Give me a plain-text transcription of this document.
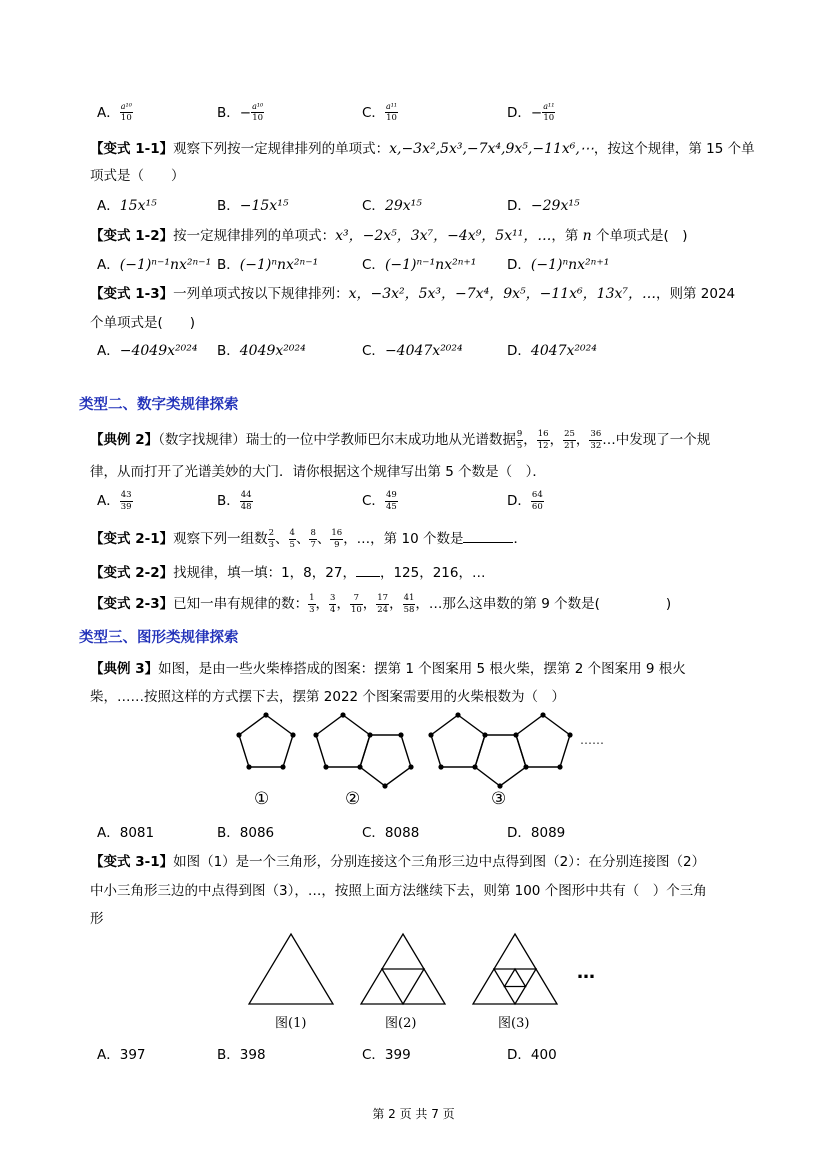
A． $\frac{\text{a¹⁰}}{10}$	B．− $\frac{\text{a¹⁰}}{10}$	C． $\frac{\text{a¹¹}}{10}$	D．− $\frac{\text{a¹¹}}{10}$
【变式 1-1】观察下列按一定规律排列的单项式：x,−3x²,5x³,−7x⁴,9x⁵,−11x⁶,⋯，按这个规律，第 15 个单
项式是（　　）
A．15x¹⁵	B．−15x¹⁵	C．29x¹⁵	D．−29x¹⁵
【变式 1-2】按一定规律排列的单项式：x³，−2x⁵，3x⁷，−4x⁹，5x¹¹，…，第 n 个单项式是(　)
A．(−1)ⁿ⁻¹nx²ⁿ⁻¹ B．(−1)ⁿnx²ⁿ⁻¹	C．(−1)ⁿ⁻¹nx²ⁿ⁺¹ D．(−1)ⁿnx²ⁿ⁺¹
【变式 1-3】一列单项式按以下规律排列：x，−3x²，5x³，−7x⁴，9x⁵，−11x⁶，13x⁷，…，则第 2024
个单项式是(　　)
A．−4049x²⁰²⁴ B．4049x²⁰²⁴	C．−4047x²⁰²⁴	D．4047x²⁰²⁴
类型二、数字类规律探索
【典例 2】（数字找规律）瑞士的一位中学教师巴尔末成功地从光谱数据 $\frac{9}{5}$ ， $\frac{16}{12}$ ， $\frac{25}{21}$ ， $\frac{36}{32}$ …中发现了一个规
律，从而打开了光谱美妙的大门．请你根据这个规律写出第 5 个数是（　）．
A． $\frac{43}{39}$	B． $\frac{44}{48}$	C． $\frac{49}{45}$	D． $\frac{64}{60}$
【变式 2-1】观察下列一组数 $\frac{2}{3}$ 、 $\frac{4}{5}$ 、 $\frac{8}{7}$ 、 $\frac{16}{9}$ ，…，第 10 个数是	．
【变式 2-2】找规律，填一填：1，8，27， ，125，216，…
【变式 2-3】已知一串有规律的数： $\frac{1}{3}$ ， $\frac{3}{4}$ ， $\frac{7}{10}$ ， $\frac{17}{24}$ ， $\frac{41}{58}$ ，…那么这串数的第 9 个数是(	)
类型三、图形类规律探索
【典例 3】如图，是由一些火柴棒搭成的图案：摆第 1 个图案用 5 根火柴，摆第 2 个图案用 9 根火
柴，……按照这样的方式摆下去，摆第 2022 个图案需要用的火柴根数为（　）
……
①	②	③
A．8081	B．8086	C．8088	D．8089
【变式 3-1】如图（1）是一个三角形，分别连接这个三角形三边中点得到图（2）：在分别连接图（2）
中小三角形三边的中点得到图（3），…，按照上面方法继续下去，则第 100 个图形中共有（　）个三角
形
…
图(1)	图(2)	图(3)
A．397	B．398	C．399	D．400
第 2 页 共 7 页
